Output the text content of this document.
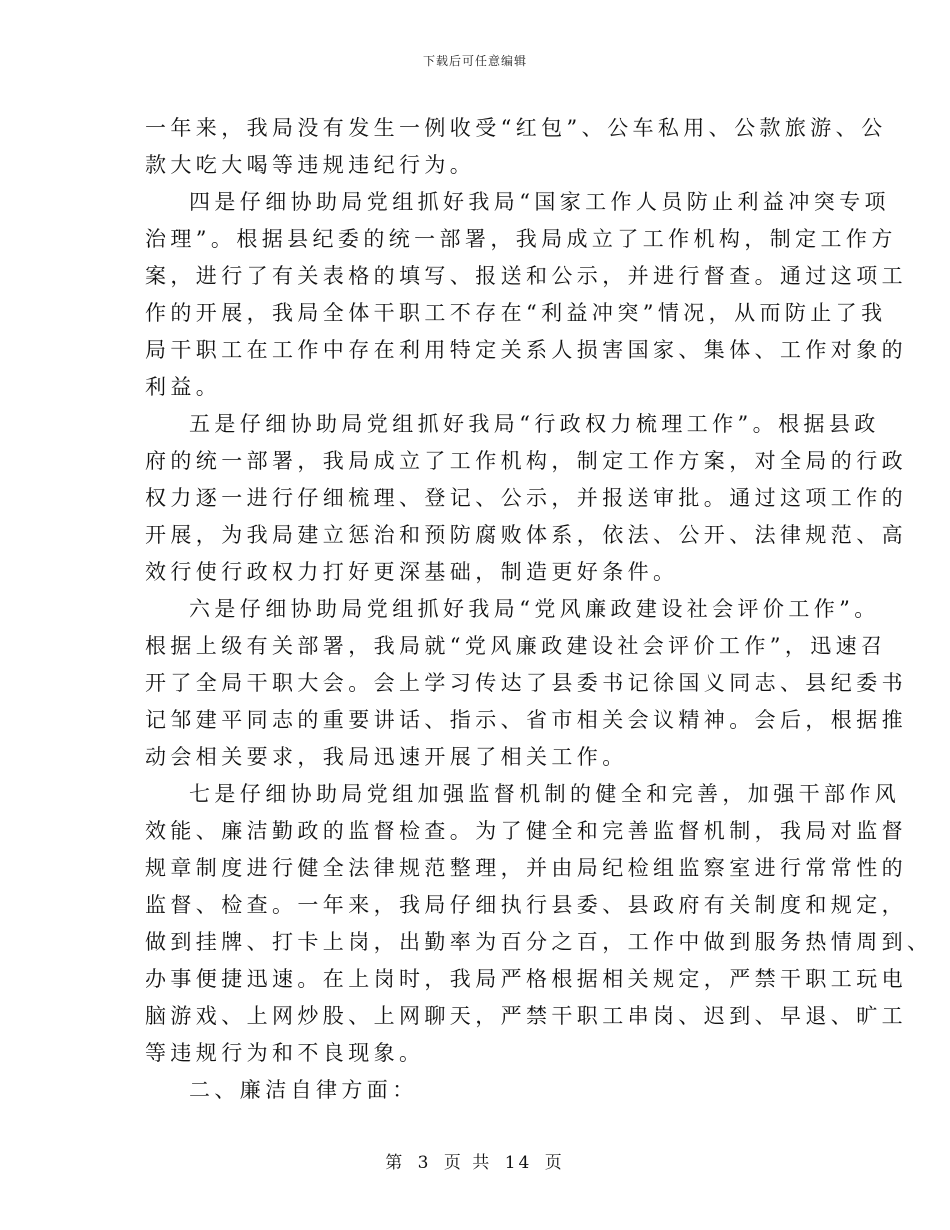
下载后可任意编辑

一年来，我局没有发生一例收受“红包”、公车私用、公款旅游、公

款大吃大喝等违规违纪行为。

四是仔细协助局党组抓好我局“国家工作人员防止利益冲突专项

治理”。根据县纪委的统一部署，我局成立了工作机构，制定工作方

案，进行了有关表格的填写、报送和公示，并进行督查。通过这项工

作的开展，我局全体干职工不存在“利益冲突”情况，从而防止了我

局干职工在工作中存在利用特定关系人损害国家、集体、工作对象的

利益。

五是仔细协助局党组抓好我局“行政权力梳理工作”。根据县政

府的统一部署，我局成立了工作机构，制定工作方案，对全局的行政

权力逐一进行仔细梳理、登记、公示，并报送审批。通过这项工作的

开展，为我局建立惩治和预防腐败体系，依法、公开、法律规范、高

效行使行政权力打好更深基础，制造更好条件。

六是仔细协助局党组抓好我局“党风廉政建设社会评价工作”。

根据上级有关部署，我局就“党风廉政建设社会评价工作”，迅速召

开了全局干职大会。会上学习传达了县委书记徐国义同志、县纪委书

记邹建平同志的重要讲话、指示、省市相关会议精神。会后，根据推

动会相关要求，我局迅速开展了相关工作。

七是仔细协助局党组加强监督机制的健全和完善，加强干部作风

效能、廉洁勤政的监督检查。为了健全和完善监督机制，我局对监督

规章制度进行健全法律规范整理，并由局纪检组监察室进行常常性的

监督、检查。一年来，我局仔细执行县委、县政府有关制度和规定，

做到挂牌、打卡上岗，出勤率为百分之百，工作中做到服务热情周到、

办事便捷迅速。在上岗时，我局严格根据相关规定，严禁干职工玩电

脑游戏、上网炒股、上网聊天，严禁干职工串岗、迟到、早退、旷工

等违规行为和不良现象。

二、廉洁自律方面：

第 3 页 共 14 页
